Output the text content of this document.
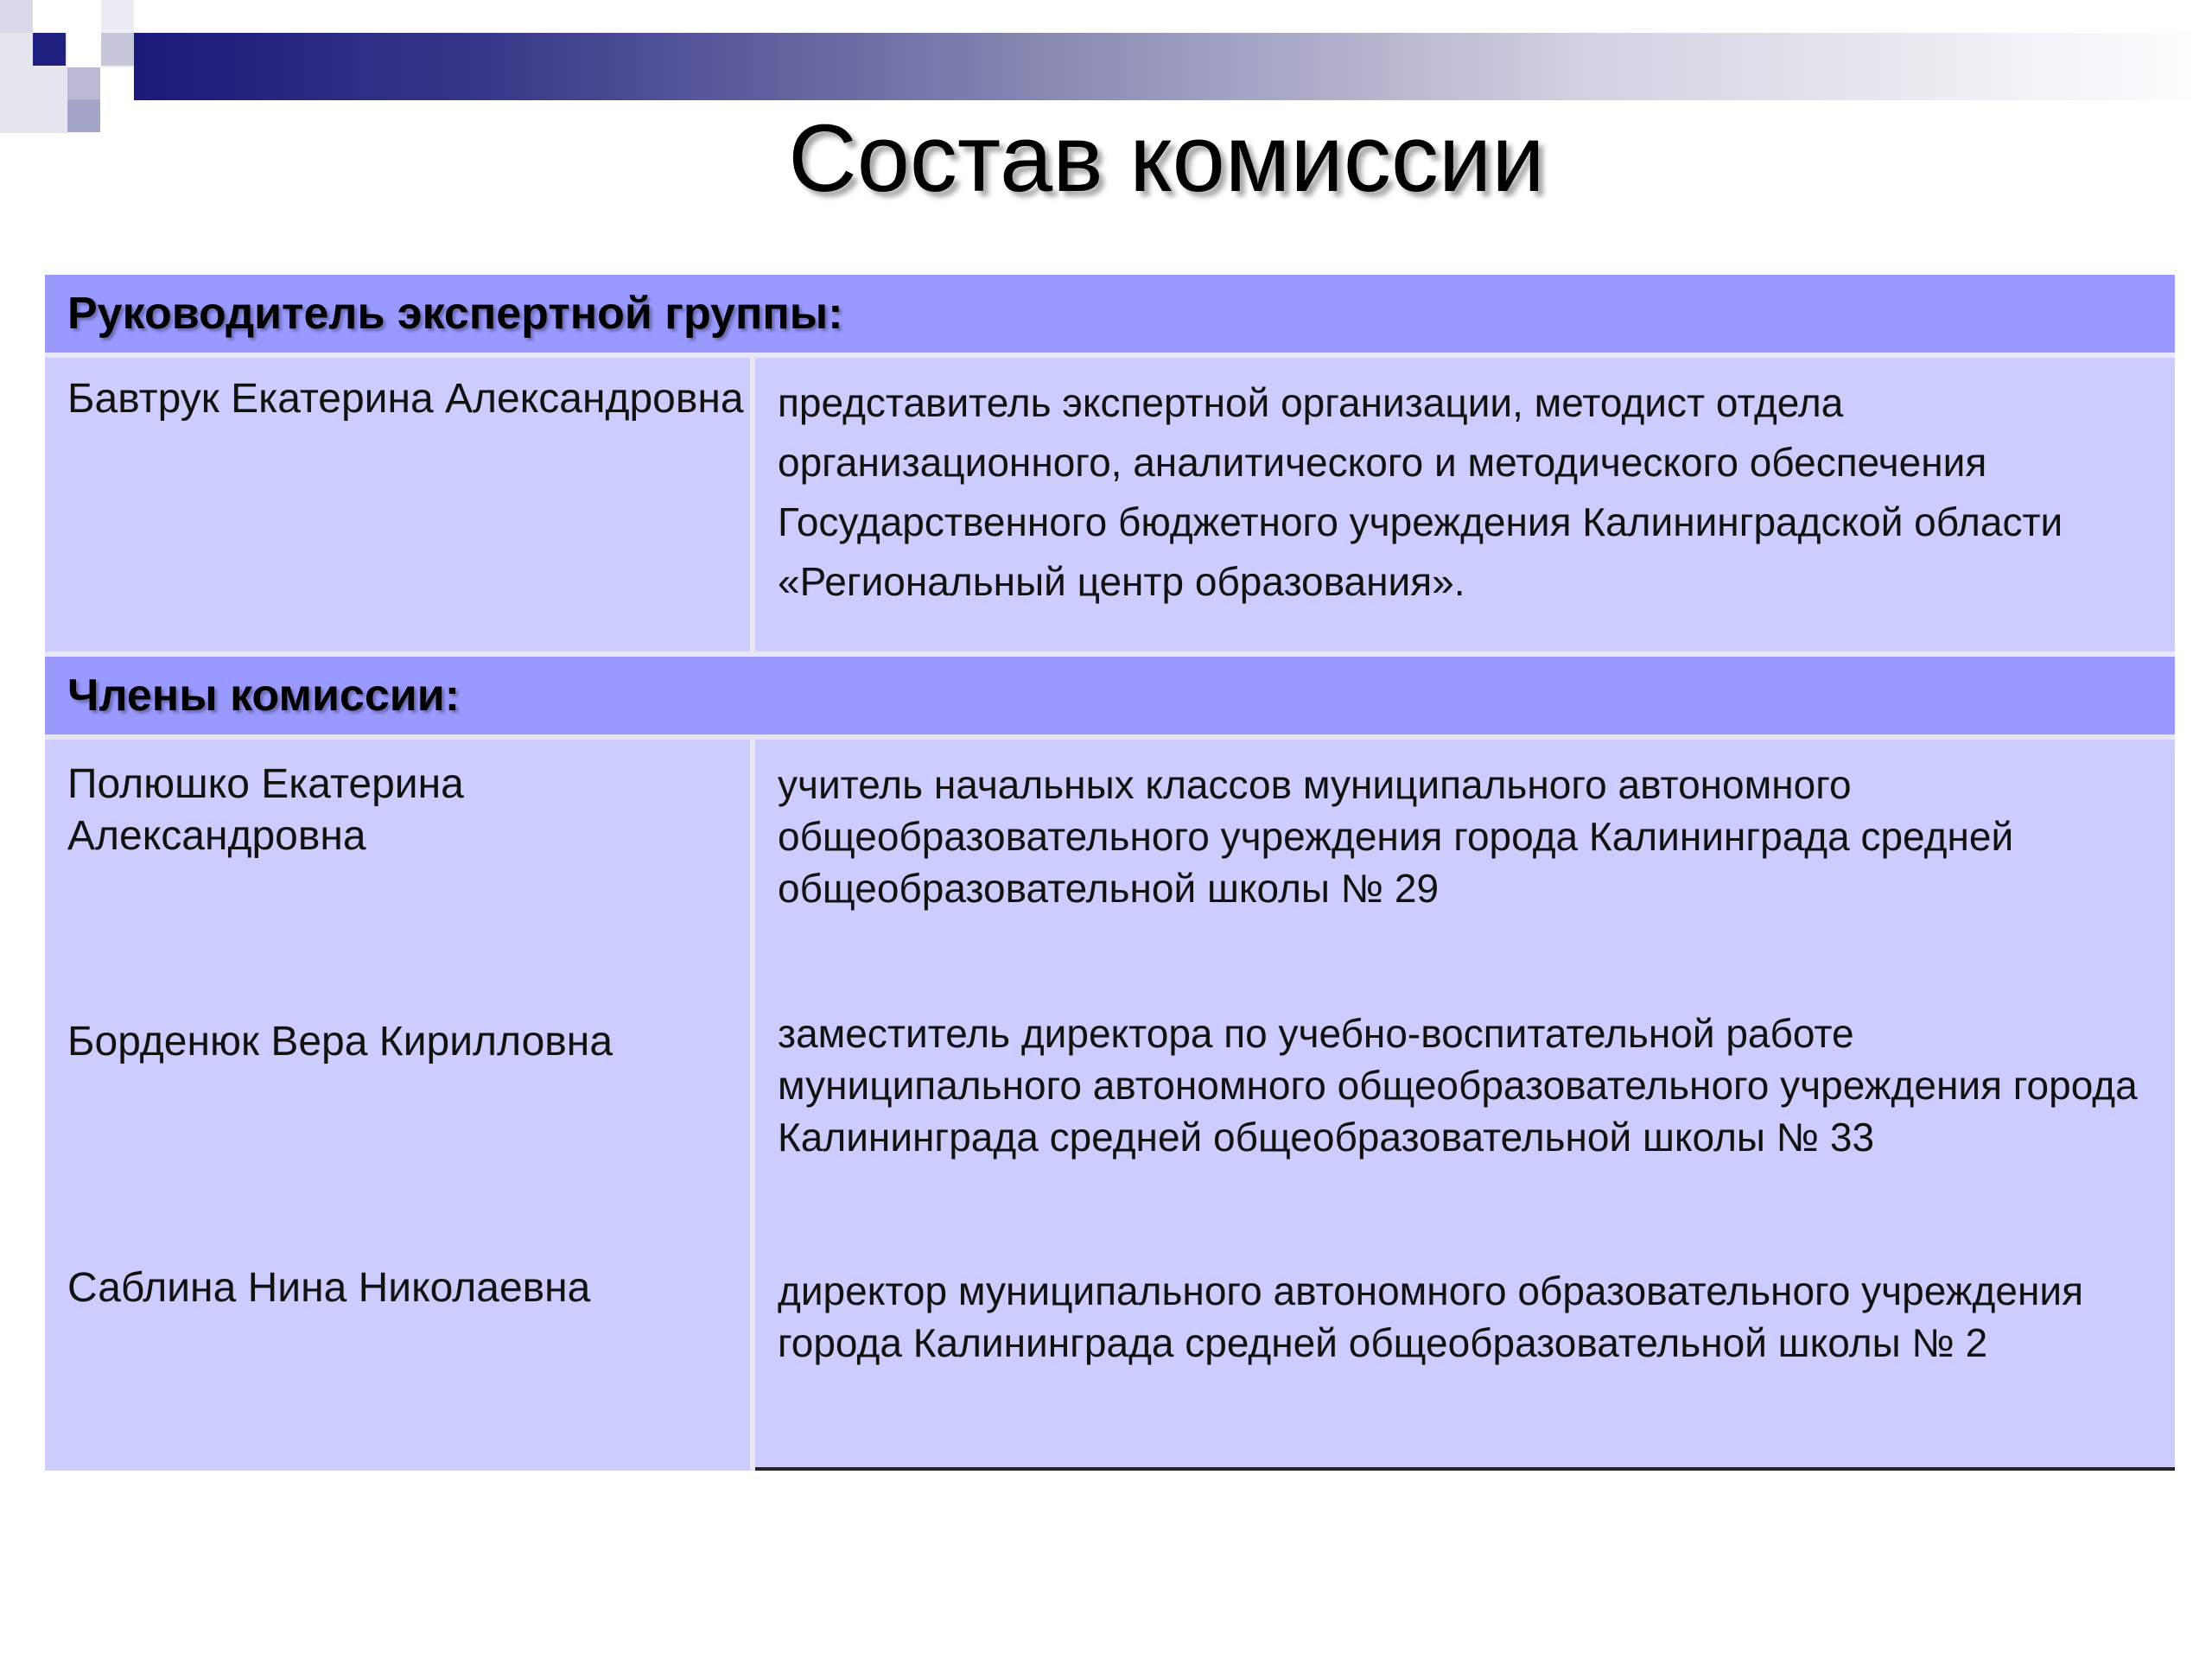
Состав комиссии
Руководитель экспертной группы:
Бавтрук Екатерина Александровна представитель экспертной организации, методист отдела организационного, аналитического и методического обеспечения Государственного бюджетного учреждения Калининградской области «Региональный центр образования».
Члены комиссии:
Полюшко Екатерина Александровна
Борденюк Вера Кирилловна
Саблина Нина Николаевна
учитель начальных классов муниципального автономного общеобразовательного учреждения города Калининграда средней общеобразовательной школы № 29
заместитель директора по учебно-воспитательной работе муниципального автономного общеобразовательного учреждения города Калининграда средней общеобразовательной школы № 33
директор муниципального автономного образовательного учреждения города Калининграда средней общеобразовательной школы № 2
